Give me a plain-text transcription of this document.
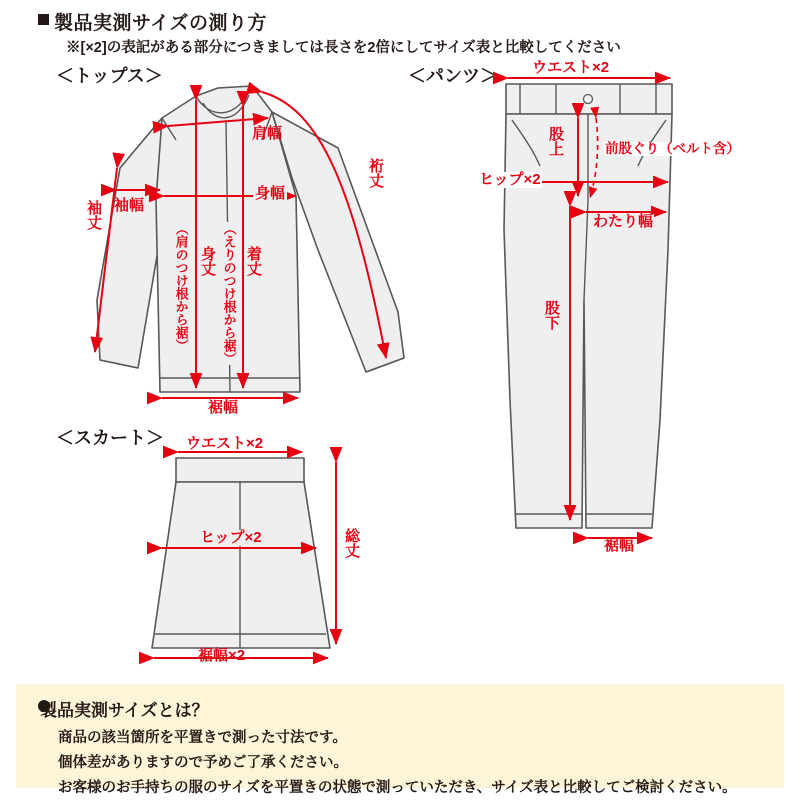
製品実測サイズの測り方
※[×2]の表記がある部分につきましては長さを2倍にしてサイズ表と比較してください
＜トップス＞	＜パンツ＞
＜スカート＞
肩幅
裄丈
身幅
袖幅
袖丈
身丈
（肩のつけ根から裾）	着丈
（えりのつけ根から裾）
裾幅
ウエスト×2
股上	前股ぐり（ベルト含）
ヒップ×2
わたり幅
股下
裾幅
ウエスト×2
ヒップ×2	総丈
裾幅×2
製品実測サイズとは？
商品の該当箇所を平置きで測った寸法です。
個体差がありますので予めご了承ください。
お客様のお手持ちの服のサイズを平置きの状態で測っていただき、サイズ表と比較してご検討ください。
